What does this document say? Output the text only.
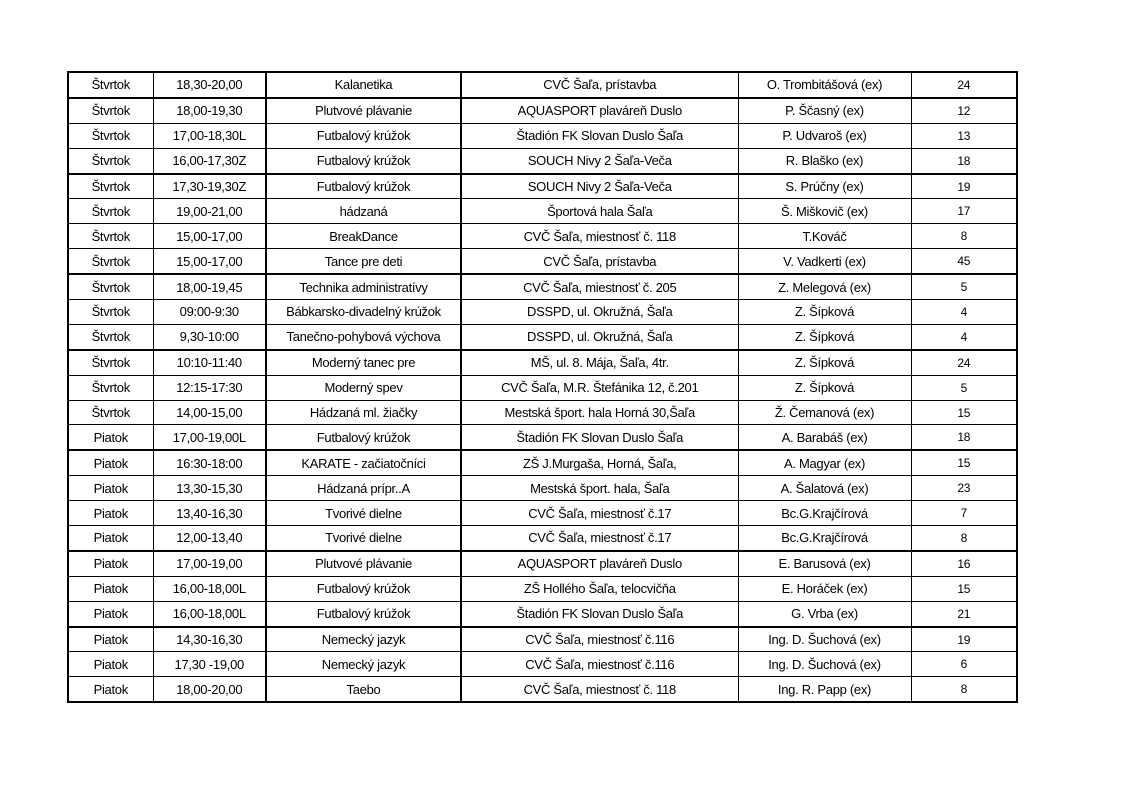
Štvrtok	18,30-20,00	Kalanetika	CVČ Šaľa, prístavba	O. Trombitášová (ex)	24
Štvrtok	18,00-19,30	Plutvové plávanie	AQUASPORT plaváreň Duslo	P. Ščasný (ex)	12
Štvrtok	17,00-18,30L	Futbalový krúžok	Štadión FK Slovan Duslo Šaľa	P. Udvaroš (ex)	13
Štvrtok	16,00-17,30Z	Futbalový krúžok	SOUCH Nivy 2 Šaľa-Veča	R. Blaško (ex)	18
Štvrtok	17,30-19,30Z	Futbalový krúžok	SOUCH Nivy 2 Šaľa-Veča	S. Prúčny (ex)	19
Štvrtok	19,00-21,00	hádzaná	Športová hala Šaľa	Š. Miškovič (ex)	17
Štvrtok	15,00-17,00	BreakDance	CVČ Šaľa, miestnosť č. 118	T.Kováč	8
Štvrtok	15,00-17,00	Tance pre deti	CVČ Šaľa, prístavba	V. Vadkerti (ex)	45
Štvrtok	18,00-19,45	Technika administratívy	CVČ Šaľa, miestnosť č. 205	Z. Melegová (ex)	5
Štvrtok	09:00-9:30	Bábkarsko-divadelný krúžok	DSSPD, ul. Okružná, Šaľa	Z. Šípková	4
Štvrtok	9,30-10:00	Tanečno-pohybová výchova	DSSPD, ul. Okružná, Šaľa	Z. Šípková	4
Štvrtok	10:10-11:40	Moderný tanec pre	MŠ, ul. 8. Mája, Šaľa, 4tr.	Z. Šípková	24
Štvrtok	12:15-17:30	Moderný spev	CVČ Šaľa, M.R. Štefánika 12, č.201	Z. Šípková	5
Štvrtok	14,00-15,00	Hádzaná ml. žiačky	Mestská šport. hala Horná 30,Šaľa	Ž. Čemanová (ex)	15
Piatok	17,00-19,00L	Futbalový krúžok	Štadión FK Slovan Duslo Šaľa	A. Barabáš (ex)	18
Piatok	16:30-18:00	KARATE - začiatočníci	ZŠ J.Murgaša, Horná, Šaľa,	A. Magyar (ex)	15
Piatok	13,30-15,30	Hádzaná prípr..A	Mestská šport. hala, Šaľa	A. Šalatová (ex)	23
Piatok	13,40-16,30	Tvorivé dielne	CVČ Šaľa, miestnosť č.17	Bc.G.Krajčírová	7
Piatok	12,00-13,40	Tvorivé dielne	CVČ Šaľa, miestnosť č.17	Bc.G.Krajčírová	8
Piatok	17,00-19,00	Plutvové plávanie	AQUASPORT plaváreň Duslo	E. Barusová (ex)	16
Piatok	16,00-18,00L	Futbalový krúžok	ZŠ Hollého Šaľa, telocvičňa	E. Horáček (ex)	15
Piatok	16,00-18,00L	Futbalový krúžok	Štadión FK Slovan Duslo Šaľa	G. Vrba (ex)	21
Piatok	14,30-16,30	Nemecký jazyk	CVČ Šaľa, miestnosť č.116	Ing. D. Šuchová (ex)	19
Piatok	17,30 -19,00	Nemecký jazyk	CVČ Šaľa, miestnosť č.116	Ing. D. Šuchová (ex)	6
Piatok	18,00-20,00	Taebo	CVČ Šaľa, miestnosť č. 118	Ing. R. Papp (ex)	8
